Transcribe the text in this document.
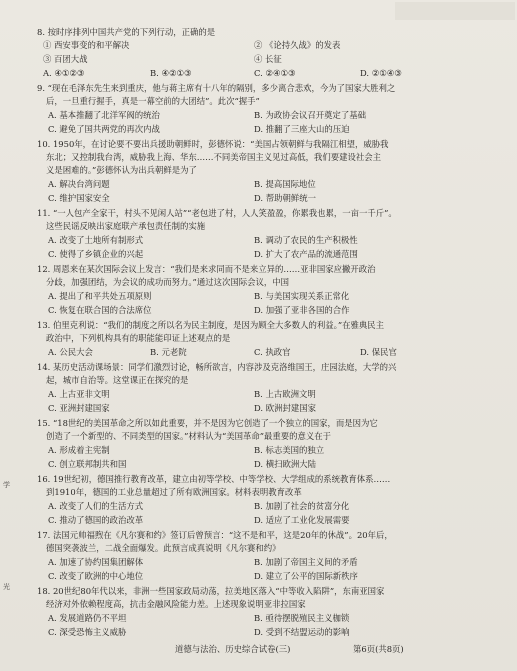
8. 按时序排列中国共产党的下列行动，正确的是
① 西安事变的和平解决	② 《论持久战》的发表
③ 百团大战	④ 长征
A. ④①②③	B. ④②①③	C. ②④①③	D. ②①④③
9. “现在毛泽东先生来到重庆，他与蒋主席有十八年的隔别，多少离合悲欢，今为了国家大胜利之
后，一旦重行握手，真是一幕空前的大团结”。此次“握手”
A. 基本推翻了北洋军阀的统治	B. 为政协会议召开奠定了基础
C. 避免了国共两党的再次内战	D. 推翻了三座大山的压迫
10. 1950年，在讨论要不要出兵援助朝鲜时，彭德怀说：“美国占领朝鲜与我隔江相望，威胁我
东北；又控制我台湾，威胁我上海、华东……不同美帝国主义见过高低，我们要建设社会主
义是困难的。”彭德怀认为出兵朝鲜是为了
A. 解决台湾问题	B. 提高国际地位
C. 维护国家安全	D. 帮助朝鲜统一
11. “一人包产全家干，村头不见闲人站”“老包进了村，人人笑盈盈，你累我也累，一亩一千斤”。
这些民谣反映出家庭联产承包责任制的实施
A. 改变了土地所有制形式	B. 调动了农民的生产积极性
C. 使得了乡镇企业的兴起	D. 扩大了农产品的流通范围
12. 周恩来在某次国际会议上发言：“我们是来求同而不是来立异的……亚非国家应撇开政治
分歧，加强团结，为会议的成功而努力。”通过这次国际会议，中国
A. 提出了和平共处五项原则	B. 与美国实现关系正常化
C. 恢复在联合国的合法席位	D. 加强了亚非各国的合作
13. 伯里克利说：“我们的制度之所以名为民主制度，是因为顾全大多数人的利益。”在雅典民主
政治中，下列机构具有的职能能印证上述观点的是
A. 公民大会	B. 元老院	C. 执政官	D. 保民官
14. 某历史活动课场景：同学们激烈讨论，畅所欲言，内容涉及克洛维国王，庄园法庭，大学的兴
起，城市自治等。这堂课正在探究的是
A. 上古亚非文明	B. 上古欧洲文明
C. 亚洲封建国家	D. 欧洲封建国家
15. “18世纪的美国革命之所以如此重要，并不是因为它创造了一个独立的国家，而是因为它
创造了一个新型的、不同类型的国家。”材料认为“美国革命”最重要的意义在于
A. 形成着主宪制	B. 标志美国的独立
C. 创立联邦制共和国	D. 横扫欧洲大陆
16. 19世纪初，德国推行教育改革，建立由初等学校、中等学校、大学组成的系统教育体系……
到1910年，德国的工业总量超过了所有欧洲国家。材料表明教育改革
A. 改变了人们的生活方式	B. 加剧了社会的贫富分化
C. 推动了德国的政治改革	D. 适应了工业化发展需要
17. 法国元帅福煦在《凡尔赛和约》签订后曾预言：“这不是和平，这是20年的休战”。20年后，
德国突袭波兰，二战全面爆发。此预言成真说明《凡尔赛和约》
A. 加速了协约国集团解体	B. 加剧了帝国主义间的矛盾
C. 改变了欧洲的中心地位	D. 建立了公平的国际新秩序
18. 20世纪80年代以来，非洲一些国家政局动荡，拉美地区落入“中等收入陷阱”，东南亚国家
经济对外依赖程度高，抗击金融风险能力差。上述现象说明亚非拉国家
A. 发展道路仍不平坦	B. 亟待摆脱殖民主义枷锁
C. 深受恐怖主义威胁	D. 受到不结盟运动的影响
道德与法治、历史综合试卷(三)	第6页(共8页)
学
光
